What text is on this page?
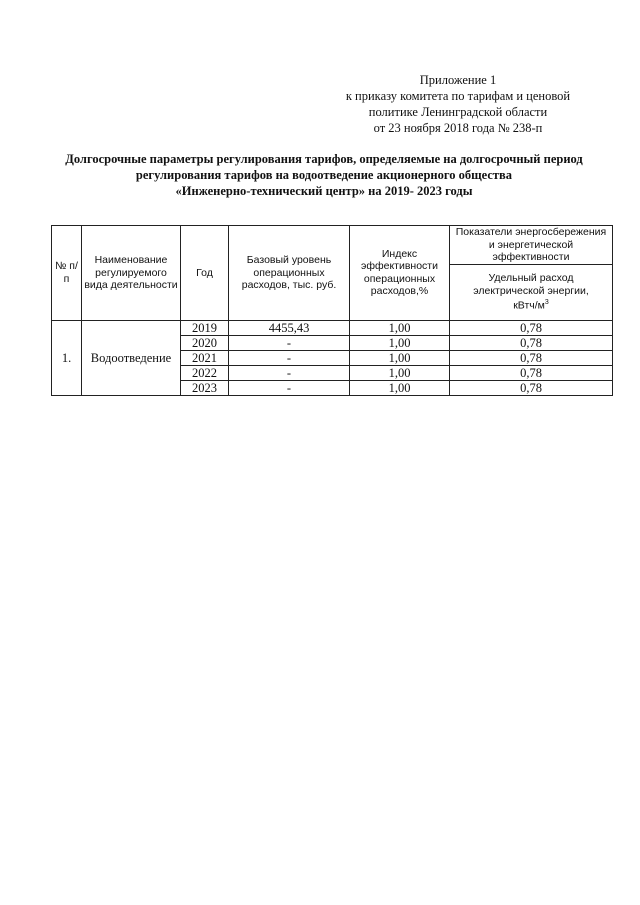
Приложение 1
к приказу комитета по тарифам и ценовой
политике Ленинградской области
от 23 ноября 2018 года № 238-п
Долгосрочные параметры регулирования тарифов, определяемые на долгосрочный период
регулирования тарифов на водоотведение акционерного общества
«Инженерно-технический центр» на 2019- 2023 годы
№ п/п	Наименование регулируемого вида деятельности	Год	Базовый уровень операционных расходов, тыс. руб.	Индекс эффективности операционных расходов,%	Показатели энергосбережения и энергетической эффективности
					Удельный расход электрической энергии,
кВтч/$м^3$
1.	Водоотведение	2019	4455,43	1,00	0,78
		2020	-	1,00	0,78
		2021	-	1,00	0,78
		2022	-	1,00	0,78
		2023	-	1,00	0,78
